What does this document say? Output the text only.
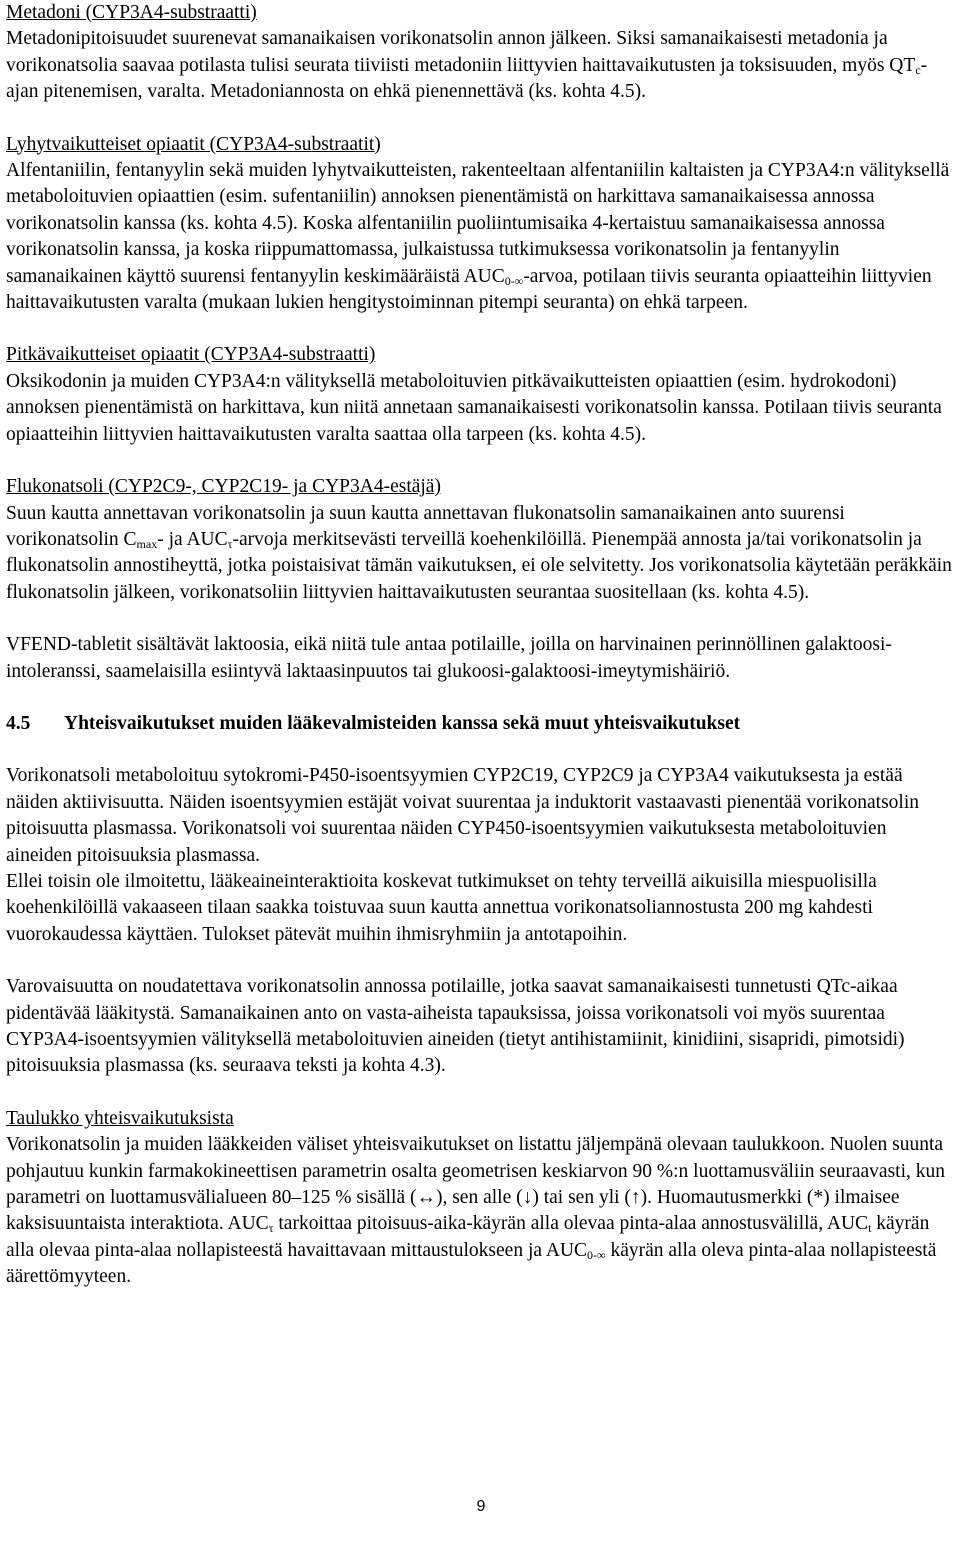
Metadoni (CYP3A4-substraatti)

Metadonipitoisuudet suurenevat samanaikaisen vorikonatsolin annon jälkeen. Siksi samanaikaisesti metadonia ja vorikonatsolia saavaa potilasta tulisi seurata tiiviisti metadoniin liittyvien haittavaikutusten ja toksisuuden, myös $QT_c$-ajan pitenemisen, varalta. Metadoniannosta on ehkä pienennettävä (ks. kohta 4.5).

Lyhytvaikutteiset opiaatit (CYP3A4-substraatit)

Alfentaniilin, fentanyylin sekä muiden lyhytvaikutteisten, rakenteeltaan alfentaniilin kaltaisten ja CYP3A4:n välityksellä metaboloituvien opiaattien (esim. sufentaniilin) annoksen pienentämistä on harkittava samanaikaisessa annossa vorikonatsolin kanssa (ks. kohta 4.5). Koska alfentaniilin puoliintumisaika 4-kertaistuu samanaikaisessa annossa vorikonatsolin kanssa, ja koska riippumattomassa, julkaistussa tutkimuksessa vorikonatsolin ja fentanyylin samanaikainen käyttö suurensi fentanyylin keskimääräistä $AUC_{0-\infty}$-arvoa, potilaan tiivis seuranta opiaatteihin liittyvien haittavaikutusten varalta (mukaan lukien hengitystoiminnan pitempi seuranta) on ehkä tarpeen.

Pitkävaikutteiset opiaatit (CYP3A4-substraatti)

Oksikodonin ja muiden CYP3A4:n välityksellä metaboloituvien pitkävaikutteisten opiaattien (esim. hydrokodoni) annoksen pienentämistä on harkittava, kun niitä annetaan samanaikaisesti vorikonatsolin kanssa. Potilaan tiivis seuranta opiaatteihin liittyvien haittavaikutusten varalta saattaa olla tarpeen (ks. kohta 4.5).

Flukonatsoli (CYP2C9-, CYP2C19- ja CYP3A4-estäjä)

Suun kautta annettavan vorikonatsolin ja suun kautta annettavan flukonatsolin samanaikainen anto suurensi vorikonatsolin $C_{max}-$ ja $AUC_\tau$-arvoja merkitsevästi terveillä koehenkilöillä. Pienempää annosta ja/tai vorikonatsolin ja flukonatsolin annostiheyttä, jotka poistaisivat tämän vaikutuksen, ei ole selvitetty. Jos vorikonatsolia käytetään peräkkäin flukonatsolin jälkeen, vorikonatsoliin liittyvien haittavaikutusten seurantaa suositellaan (ks. kohta 4.5).

VFEND-tabletit sisältävät laktoosia, eikä niitä tule antaa potilaille, joilla on harvinainen perinnöllinen galaktoosi-intoleranssi, saamelaisilla esiintyvä laktaasinpuutos tai glukoosi-galaktoosi-imeytymishäiriö.

4.5 Yhteisvaikutukset muiden lääkevalmisteiden kanssa sekä muut yhteisvaikutukset

Vorikonatsoli metaboloituu sytokromi-P450-isoentsyymien CYP2C19, CYP2C9 ja CYP3A4 vaikutuksesta ja estää näiden aktiivisuutta. Näiden isoentsyymien estäjät voivat suurentaa ja induktorit vastaavasti pienentää vorikonatsolin pitoisuutta plasmassa. Vorikonatsoli voi suurentaa näiden CYP450-isoentsyymien vaikutuksesta metaboloituvien aineiden pitoisuuksia plasmassa.

Ellei toisin ole ilmoitettu, lääkeaineinteraktioita koskevat tutkimukset on tehty terveillä aikuisilla miespuolisilla koehenkilöillä vakaaseen tilaan saakka toistuvaa suun kautta annettua vorikonatsoliannostusta 200 mg kahdesti vuorokaudessa käyttäen. Tulokset pätevät muihin ihmisryhmiin ja antotapoihin.

Varovaisuutta on noudatettava vorikonatsolin annossa potilaille, jotka saavat samanaikaisesti tunnetusti QTc-aikaa pidentävää lääkitystä. Samanaikainen anto on vasta-aiheista tapauksissa, joissa vorikonatsoli voi myös suurentaa CYP3A4-isoentsyymien välityksellä metaboloituvien aineiden (tietyt antihistamiinit, kinidiini, sisapridi, pimotsidi) pitoisuuksia plasmassa (ks. seuraava teksti ja kohta 4.3).

Taulukko yhteisvaikutuksista

Vorikonatsolin ja muiden lääkkeiden väliset yhteisvaikutukset on listattu jäljempänä olevaan taulukkoon. Nuolen suunta pohjautuu kunkin farmakokineettisen parametrin osalta geometrisen keskiarvon 90 %:n luottamusväliin seuraavasti, kun parametri on luottamusvälialueen 80–125 % sisällä (↔), sen alle (↓) tai sen yli (↑). Huomautusmerkki (*) ilmaisee kaksisuuntaista interaktiota. $AUC_\tau$ tarkoittaa pitoisuus-aika-käyrän alla olevaa pinta-alaa annostusvälillä, $AUC_t$ käyrän alla olevaa pinta-alaa nollapisteestä havaittavaan mittaustulokseen ja $AUC_{0-\infty}$ käyrän alla oleva pinta-alaa nollapisteestä äärettömyyteen.

9
